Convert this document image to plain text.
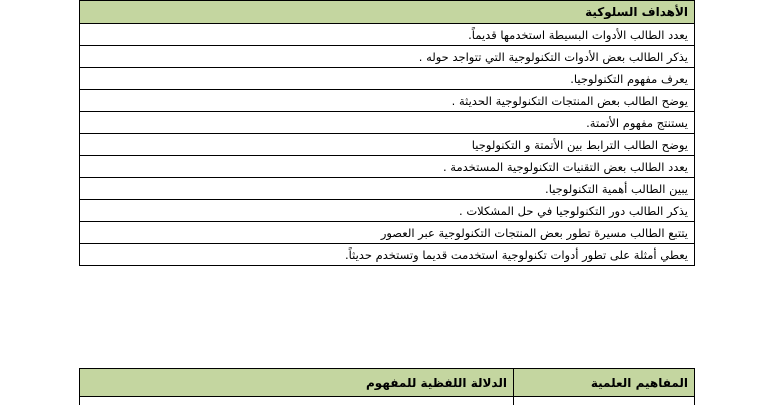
الأهداف السلوكية
يعدد الطالب الأدوات البسيطة استخدمها قديماً.
يذكر الطالب بعض الأدوات التكنولوجية التي تتواجد حوله .
يعرف مفهوم التكنولوجيا.
يوضح الطالب بعض المنتجات التكنولوجية الحديثة .
يستنتج مفهوم الأتمتة.
يوضح الطالب الترابط بين الأتمتة و التكنولوجيا
يعدد الطالب بعض التقنيات التكنولوجية المستخدمة .
يبين الطالب أهمية التكنولوجيا.
يذكر الطالب دور التكنولوجيا في حل المشكلات .
يتتبع الطالب مسيرة تطور بعض المنتجات التكنولوجية عبر العصور
يعطي أمثلة على تطور أدوات تكنولوجية استخدمت قديما وتستخدم حديثاً.
المفاهيم العلمية	الدلالة اللفظية للمفهوم
